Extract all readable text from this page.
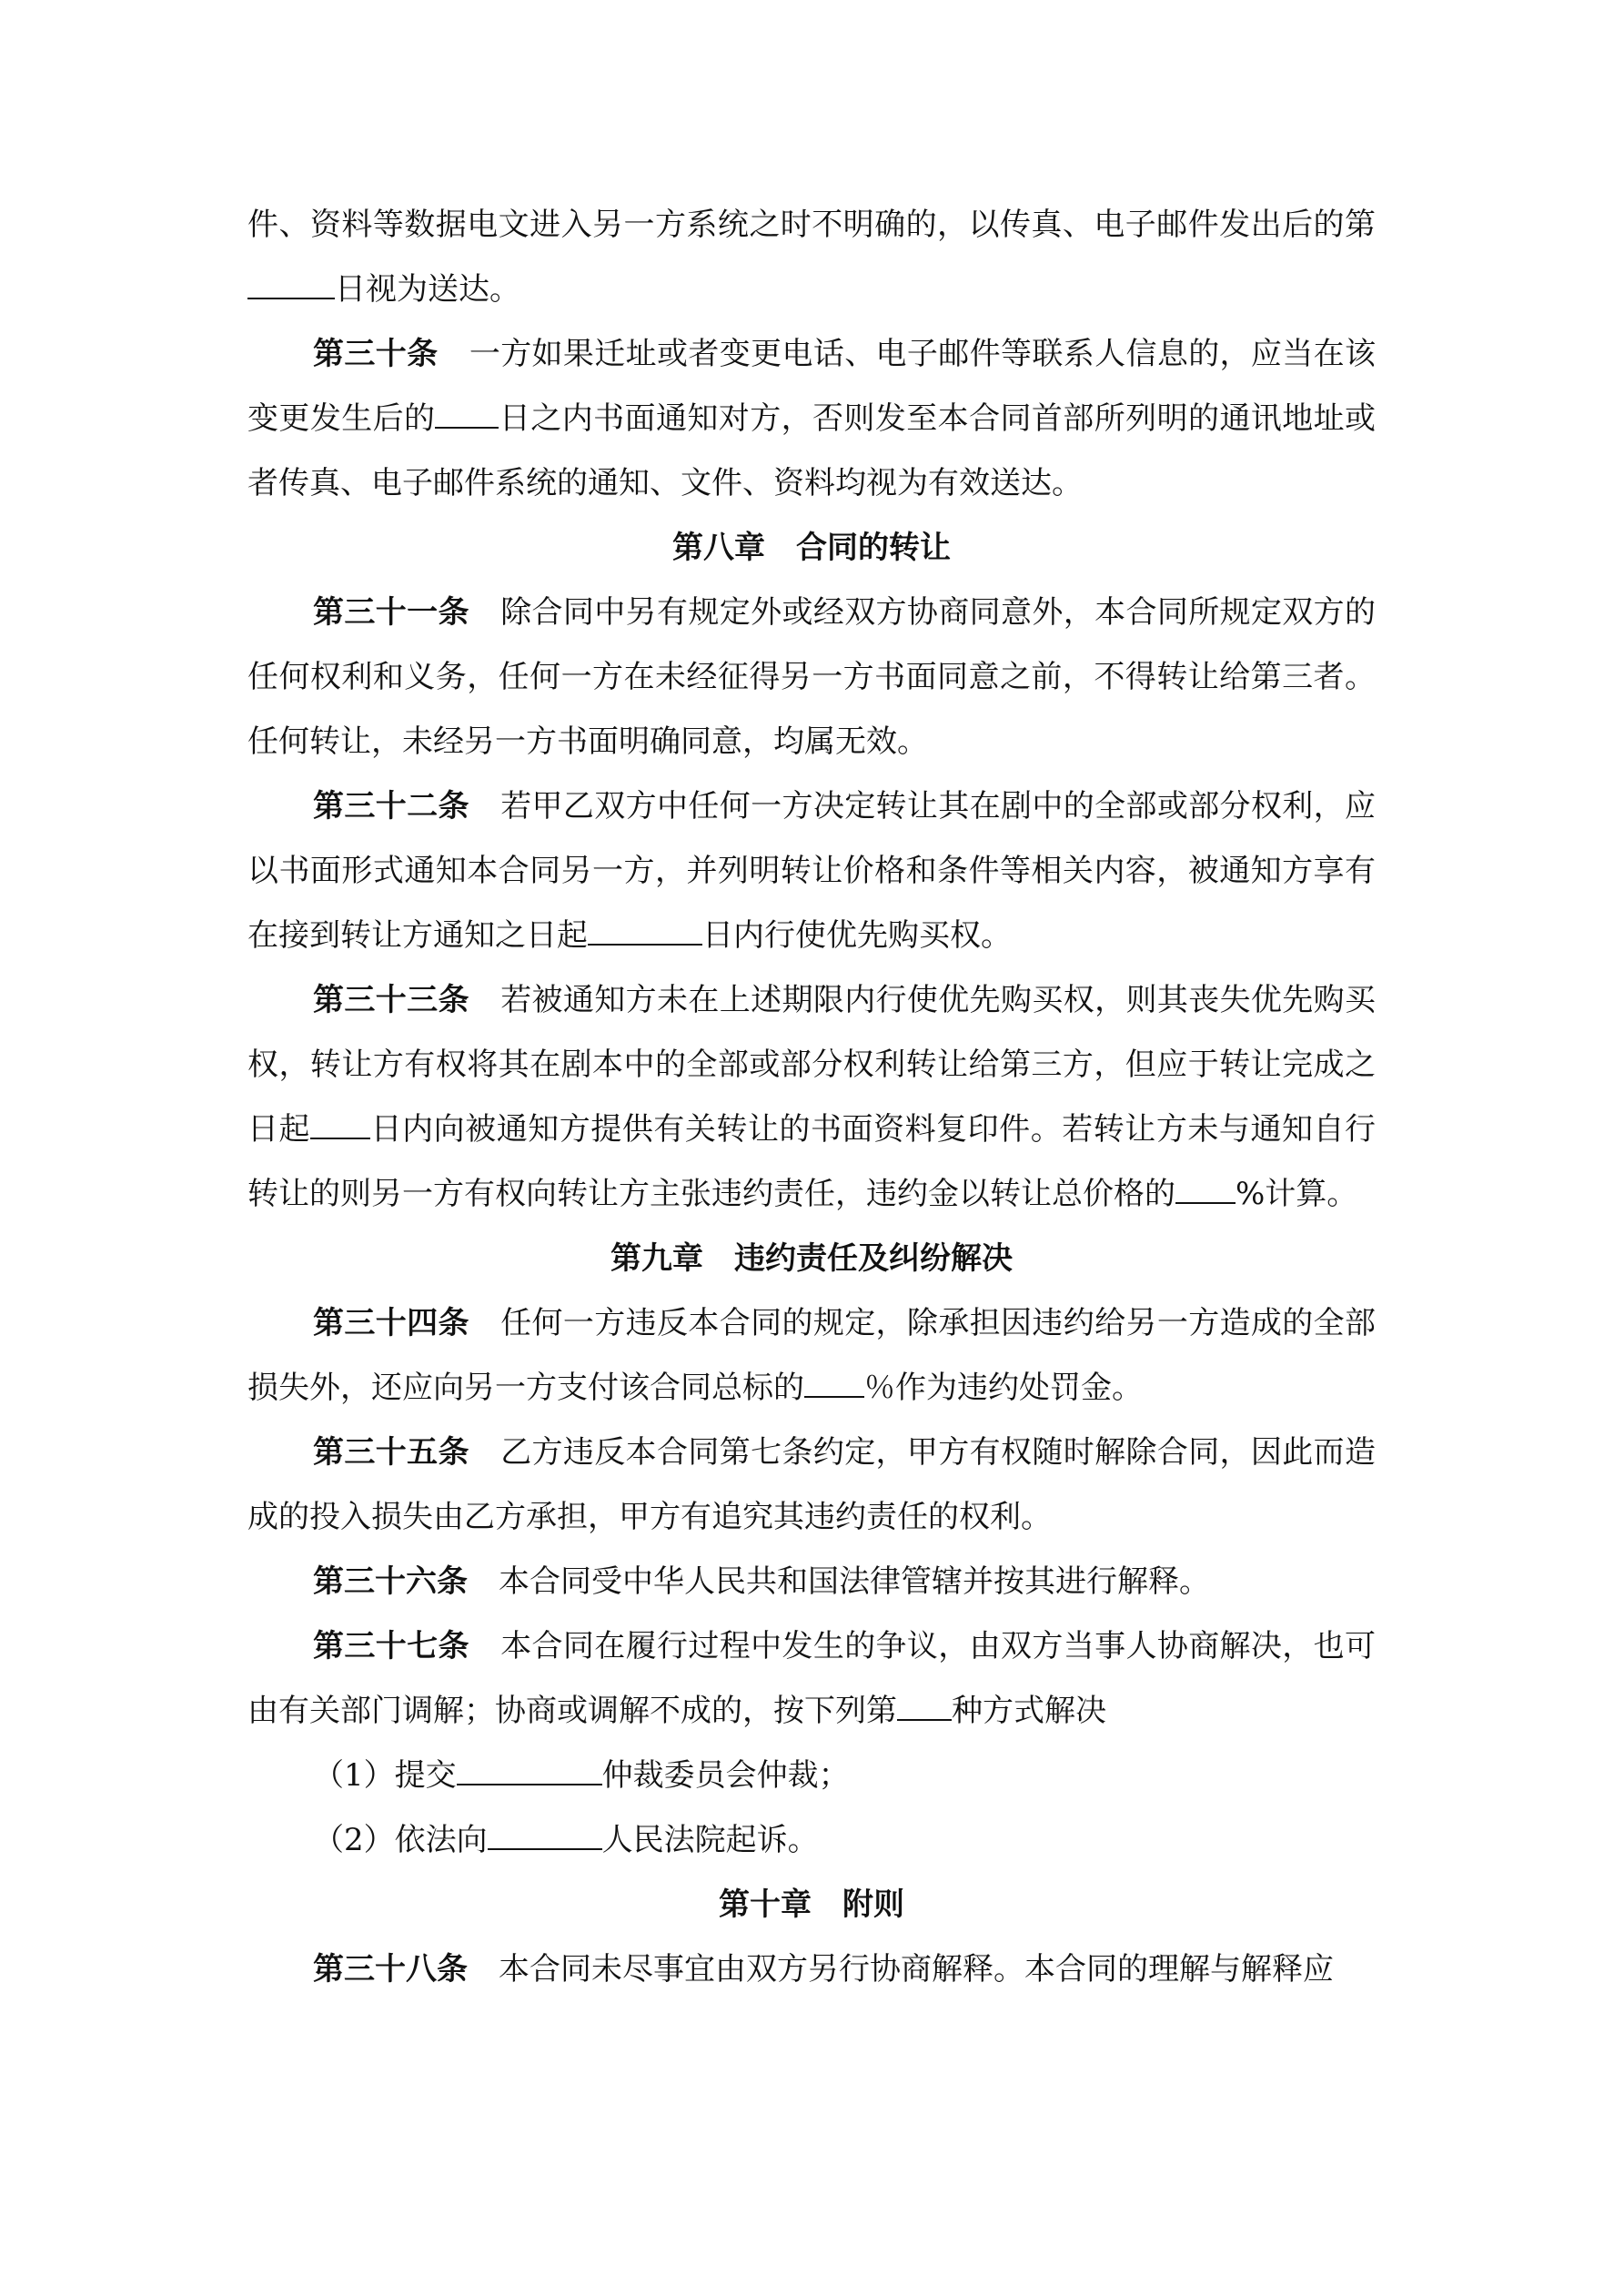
件、资料等数据电文进入另一方系统之时不明确的，以传真、电子邮件发出后的第日视为送达。

第三十条 一方如果迁址或者变更电话、电子邮件等联系人信息的，应当在该变更发生后的 日之内书面通知对方，否则发至本合同首部所列明的通讯地址或者传真、电子邮件系统的通知、文件、资料均视为有效送达。

第八章 合同的转让

第三十一条 除合同中另有规定外或经双方协商同意外，本合同所规定双方的任何权利和义务，任何一方在未经征得另一方书面同意之前，不得转让给第三者。任何转让，未经另一方书面明确同意，均属无效。

第三十二条 若甲乙双方中任何一方决定转让其在剧中的全部或部分权利，应以书面形式通知本合同另一方，并列明转让价格和条件等相关内容，被通知方享有在接到转让方通知之日起	日内行使优先购买权。

第三十三条 若被通知方未在上述期限内行使优先购买权，则其丧失优先购买权，转让方有权将其在剧本中的全部或部分权利转让给第三方，但应于转让完成之日起 日内向被通知方提供有关转让的书面资料复印件。若转让方未与通知自行转让的则另一方有权向转让方主张违约责任，违约金以转让总价格的 %计算。

第九章 违约责任及纠纷解决

第三十四条 任何一方违反本合同的规定，除承担因违约给另一方造成的全部损失外，还应向另一方支付该合同总标的 ％作为违约处罚金。

第三十五条 乙方违反本合同第七条约定，甲方有权随时解除合同，因此而造成的投入损失由乙方承担，甲方有追究其违约责任的权利。

第三十六条 本合同受中华人民共和国法律管辖并按其进行解释。

第三十七条 本合同在履行过程中发生的争议，由双方当事人协商解决，也可由有关部门调解；协商或调解不成的，按下列第 种方式解决

（1）提交	仲裁委员会仲裁；

（2）依法向	人民法院起诉。

第十章 附则

第三十八条 本合同未尽事宜由双方另行协商解释。本合同的理解与解释应
